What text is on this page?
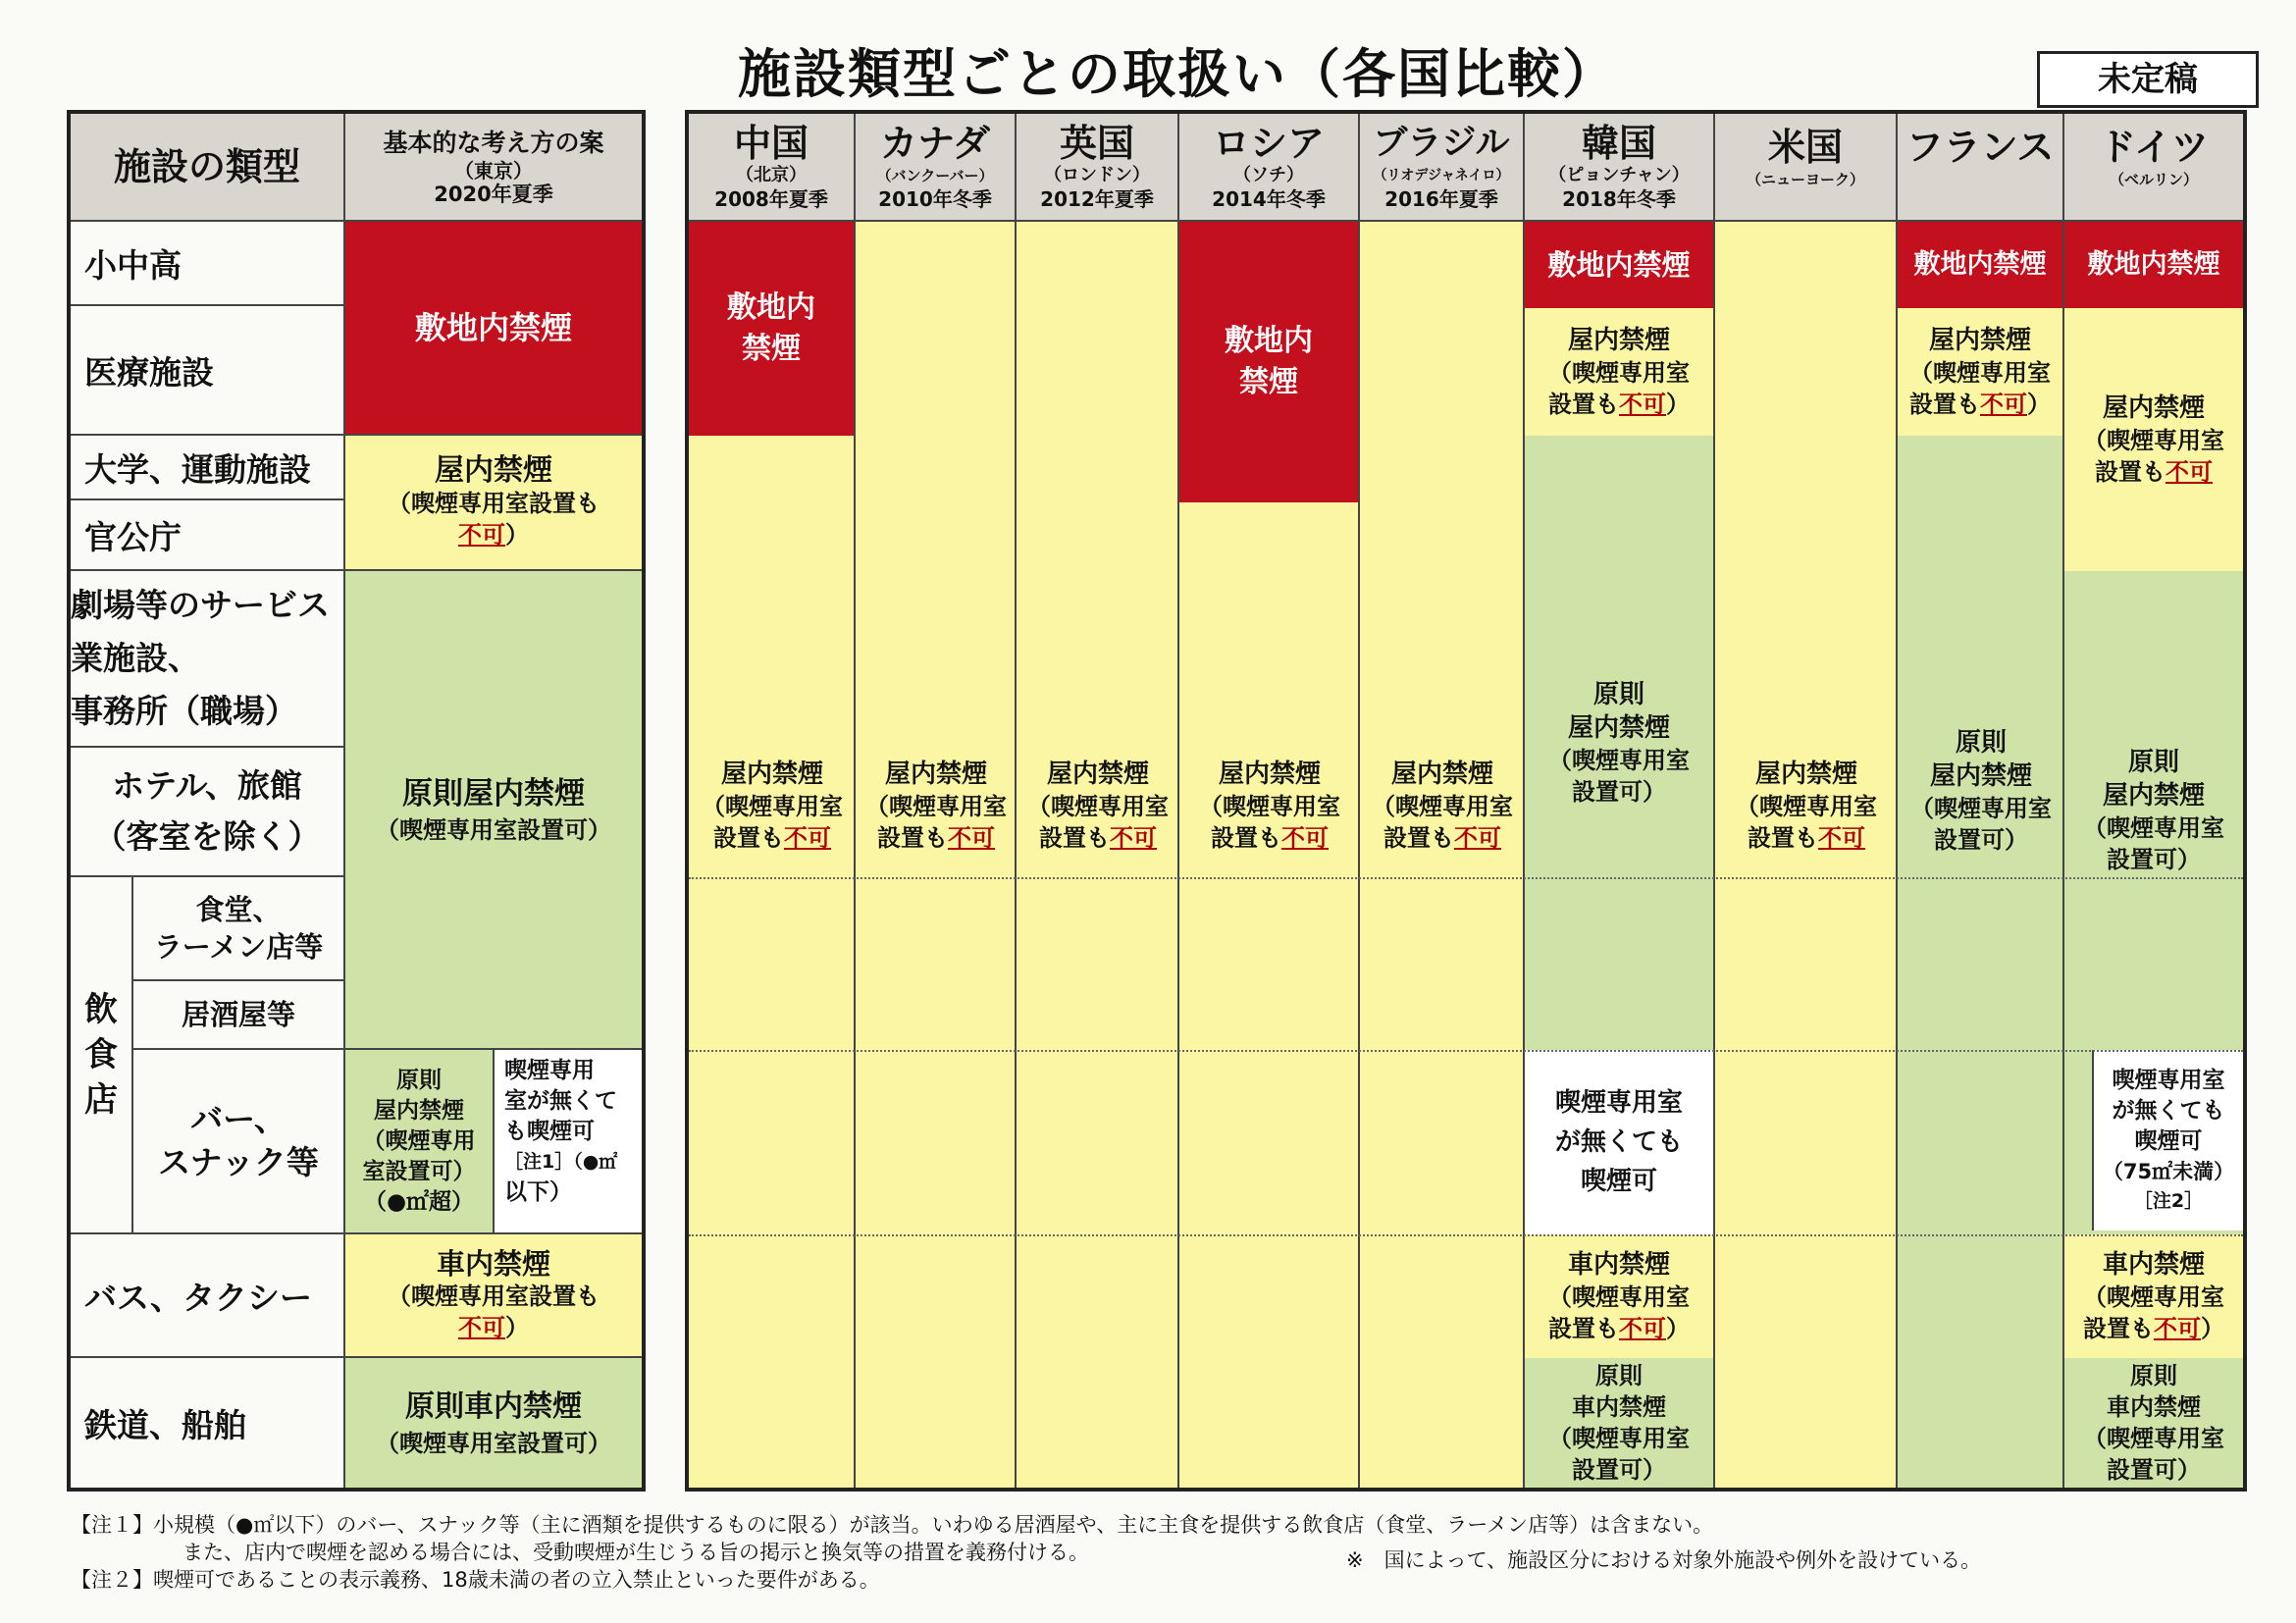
施設類型ごとの取扱い（各国比較）	未定稿
施設の類型
基本的な考え方の案
（東京）
2020年夏季
小中高
医療施設
大学、運動施設
官公庁
劇場等のサービス
業施設、
事務所（職場）
ホテル、旅館
（客室を除く）
飲
食
店
食堂、
ラーメン店等
居酒屋等
バー、
スナック等
バス、タクシー
鉄道、船舶
敷地内禁煙
屋内禁煙
（喫煙専用室設置も
不可）
原則屋内禁煙
（喫煙専用室設置可）
原則
屋内禁煙
（喫煙専用
室設置可）
（●㎡超）
喫煙専用
室が無くて
も喫煙可
［注1］（●㎡
以下）
車内禁煙
（喫煙専用室設置も
不可）
原則車内禁煙
（喫煙専用室設置可）
中国
（北京）
2008年夏季
カナダ
（バンクーバー）
2010年冬季
英国
（ロンドン）
2012年夏季
ロシア
（ソチ）
2014年冬季
ブラジル
（リオデジャネイロ）
2016年夏季
韓国
（ピョンチャン）
2018年冬季
米国
（ニューヨーク）
フランス ドイツ
（ベルリン）
敷地内
禁煙
屋内禁煙
（喫煙専用室
設置も不可
屋内禁煙
（喫煙専用室
設置も不可
屋内禁煙
（喫煙専用室
設置も不可
敷地内
禁煙
屋内禁煙
（喫煙専用室
設置も不可
屋内禁煙
（喫煙専用室
設置も不可
敷地内禁煙
屋内禁煙
（喫煙専用室
設置も不可）
原則
屋内禁煙
（喫煙専用室
設置可）
喫煙専用室
が無くても
喫煙可
車内禁煙
（喫煙専用室
設置も不可）
原則
車内禁煙
（喫煙専用室
設置可）
屋内禁煙
（喫煙専用室
設置も不可
敷地内禁煙
屋内禁煙
（喫煙専用室
設置も不可）
原則
屋内禁煙
（喫煙専用室
設置可）
敷地内禁煙
屋内禁煙
（喫煙専用室
設置も不可
原則
屋内禁煙
（喫煙専用室
設置可）
喫煙専用室
が無くても
喫煙可
（75㎡未満）
［注2］
車内禁煙
（喫煙専用室
設置も不可）
原則
車内禁煙
（喫煙専用室
設置可）
【注１】小規模（●㎡以下）のバー、スナック等（主に酒類を提供するものに限る）が該当。いわゆる居酒屋や、主に主食を提供する飲食店（食堂、ラーメン店等）は含まない。
また、店内で喫煙を認める場合には、受動喫煙が生じうる旨の掲示と換気等の措置を義務付ける。
【注２】喫煙可であることの表示義務、18歳未満の者の立入禁止といった要件がある。
※　国によって、施設区分における対象外施設や例外を設けている。
